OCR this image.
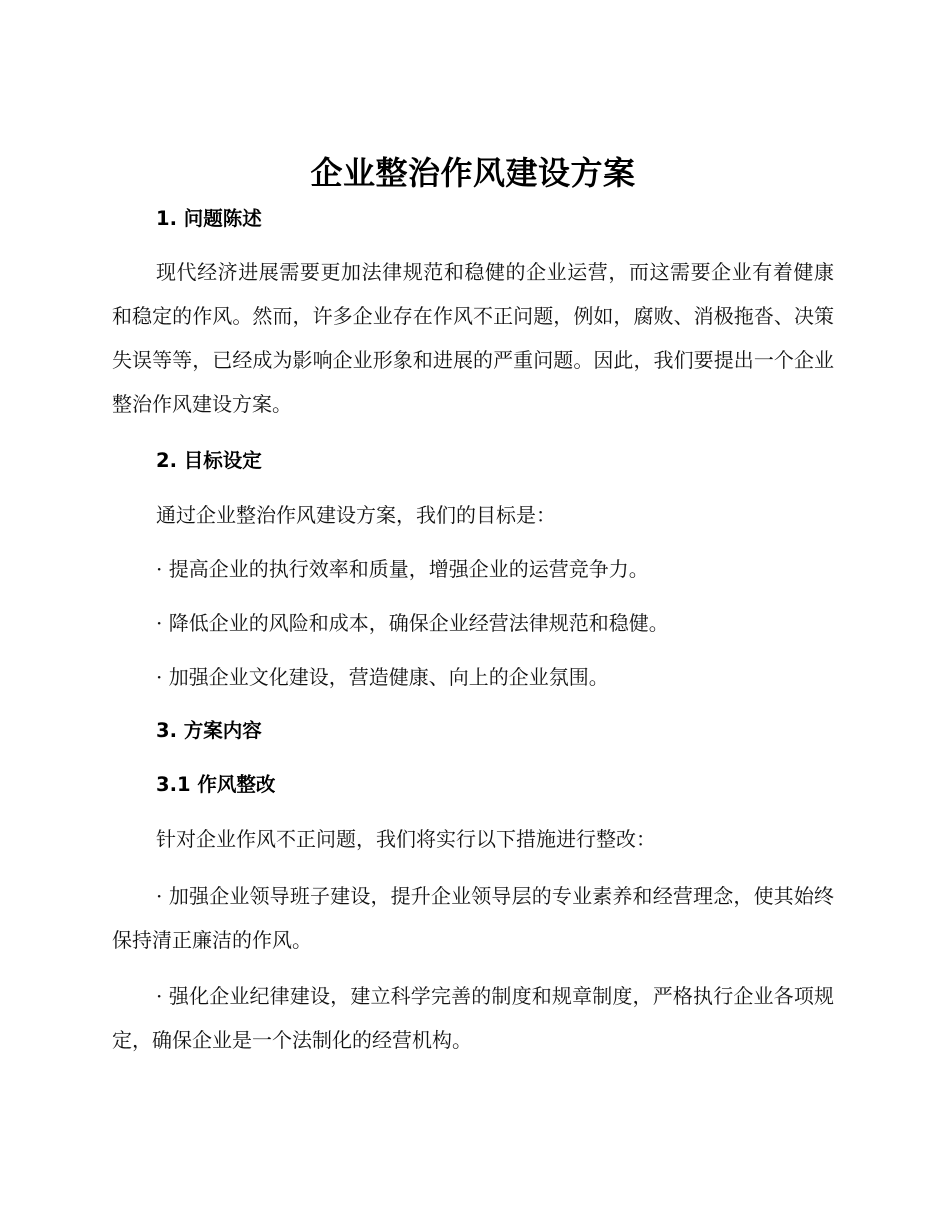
企业整治作风建设方案
1. 问题陈述

现代经济进展需要更加法律规范和稳健的企业运营，而这需要企业有着健康和稳定的作风。然而，许多企业存在作风不正问题，例如，腐败、消极拖沓、决策失误等等，已经成为影响企业形象和进展的严重问题。因此，我们要提出一个企业整治作风建设方案。

2. 目标设定

通过企业整治作风建设方案，我们的目标是：

· 提高企业的执行效率和质量，增强企业的运营竞争力。

· 降低企业的风险和成本，确保企业经营法律规范和稳健。

· 加强企业文化建设，营造健康、向上的企业氛围。

3. 方案内容
3.1 作风整改

针对企业作风不正问题，我们将实行以下措施进行整改：

· 加强企业领导班子建设，提升企业领导层的专业素养和经营理念，使其始终保持清正廉洁的作风。

· 强化企业纪律建设，建立科学完善的制度和规章制度，严格执行企业各项规定，确保企业是一个法制化的经营机构。
